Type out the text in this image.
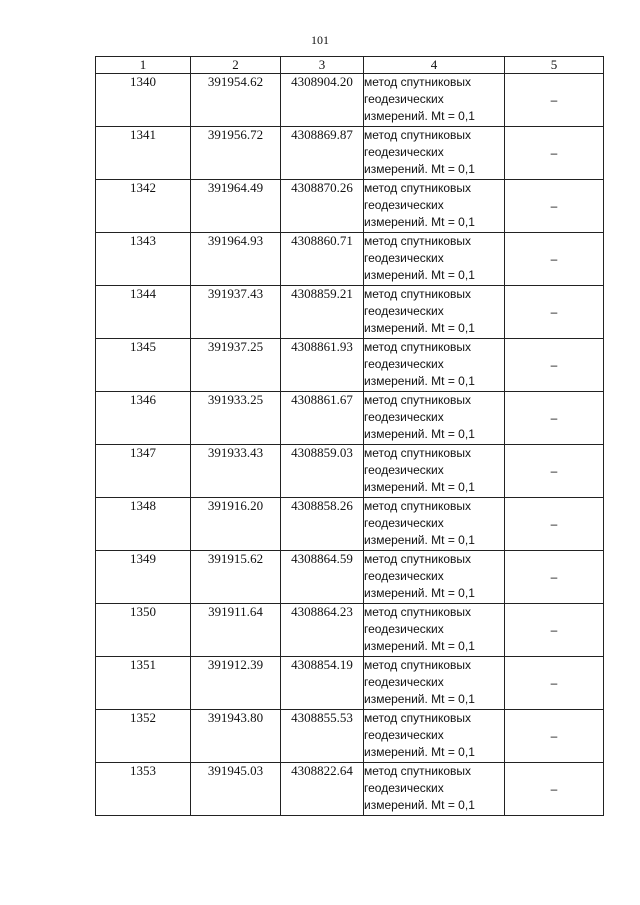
101
1	2	3	4	5
1340	391954.62	4308904.20	метод спутниковых
геодезических
измерений. Mt = 0,1	–
1341	391956.72	4308869.87	метод спутниковых
геодезических
измерений. Mt = 0,1	–
1342	391964.49	4308870.26	метод спутниковых
геодезических
измерений. Mt = 0,1	–
1343	391964.93	4308860.71	метод спутниковых
геодезических
измерений. Mt = 0,1	–
1344	391937.43	4308859.21	метод спутниковых
геодезических
измерений. Mt = 0,1	–
1345	391937.25	4308861.93	метод спутниковых
геодезических
измерений. Mt = 0,1	–
1346	391933.25	4308861.67	метод спутниковых
геодезических
измерений. Mt = 0,1	–
1347	391933.43	4308859.03	метод спутниковых
геодезических
измерений. Mt = 0,1	–
1348	391916.20	4308858.26	метод спутниковых
геодезических
измерений. Mt = 0,1	–
1349	391915.62	4308864.59	метод спутниковых
геодезических
измерений. Mt = 0,1	–
1350	391911.64	4308864.23	метод спутниковых
геодезических
измерений. Mt = 0,1	–
1351	391912.39	4308854.19	метод спутниковых
геодезических
измерений. Mt = 0,1	–
1352	391943.80	4308855.53	метод спутниковых
геодезических
измерений. Mt = 0,1	–
1353	391945.03	4308822.64	метод спутниковых
геодезических
измерений. Mt = 0,1	–
